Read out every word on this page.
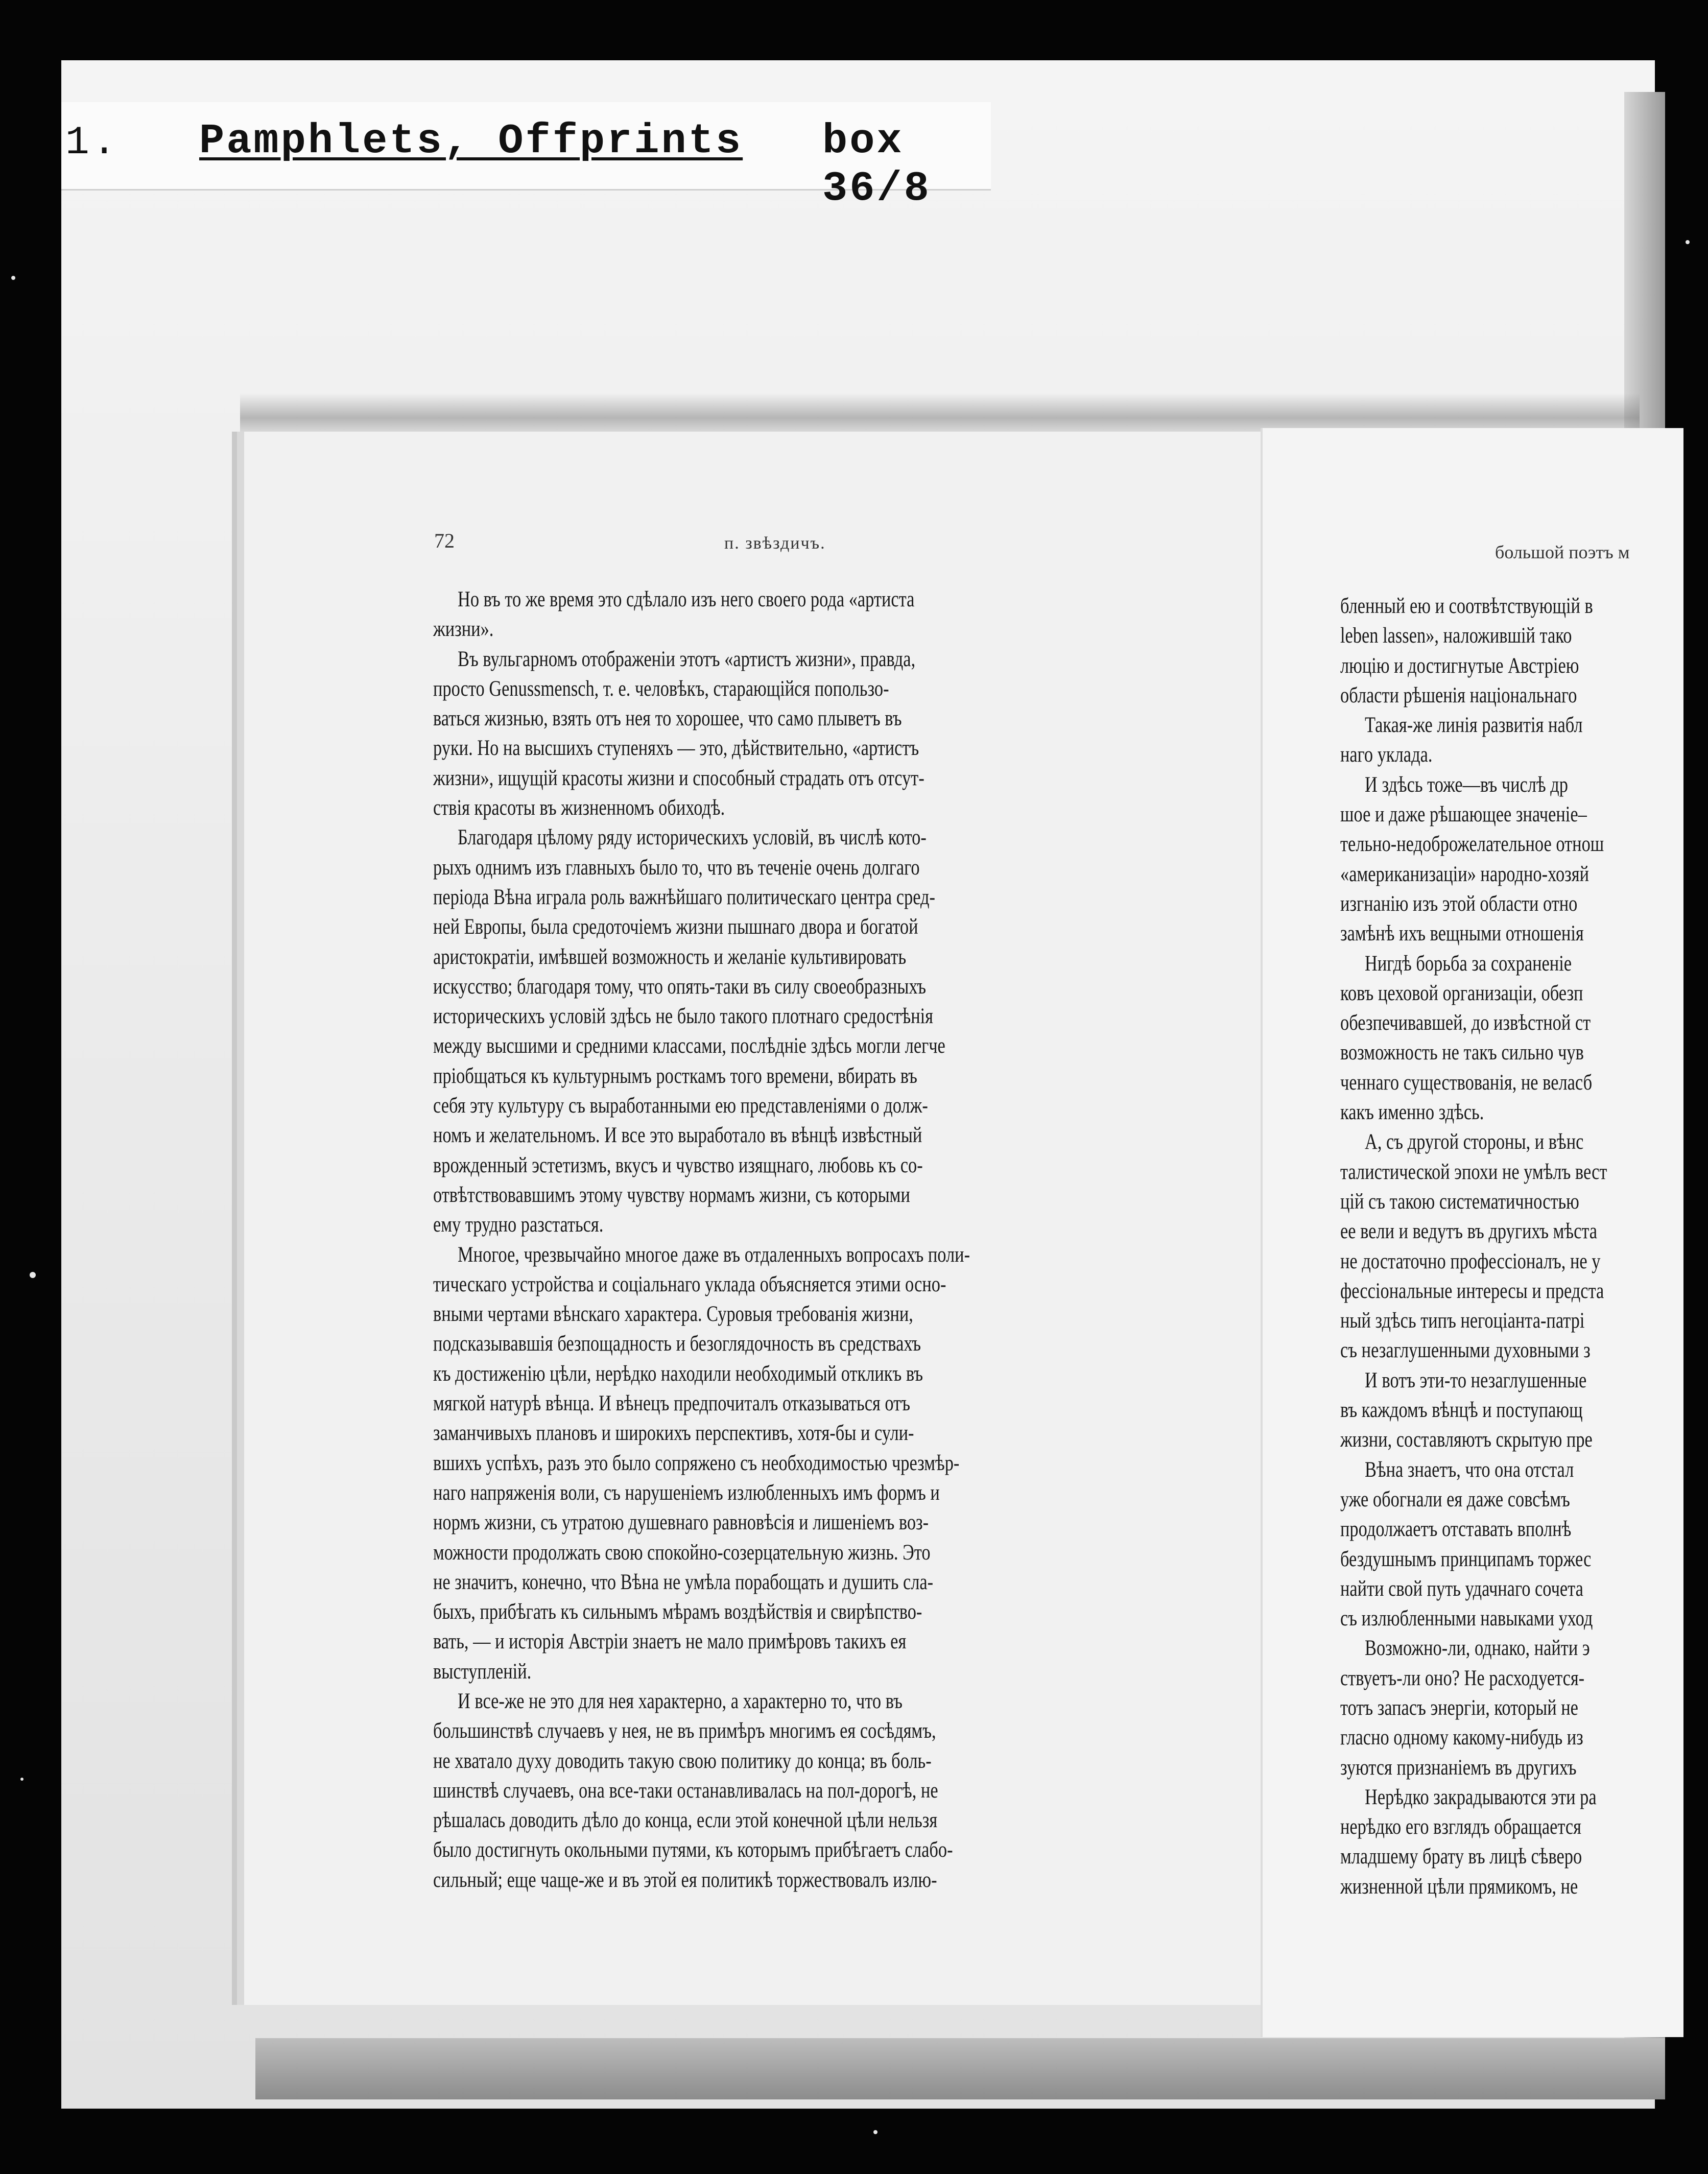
1. Pamphlets, Offprints box 36/8
72	п. звѣздичъ.
Но въ то же время это сдѣлало изъ него своего рода «артиста
жизни».
Въ вульгарномъ отображенiи этотъ «артистъ жизни», правда,
просто Genussmensch, т. е. человѣкъ, старающiйся попользо-
ваться жизнью, взять отъ нея то хорошее, что само плыветъ въ
руки. Но на высшихъ ступеняхъ — это, дѣйствительно, «артистъ
жизни», ищущiй красоты жизни и способный страдать отъ отсут-
ствiя красоты въ жизненномъ обиходѣ.
Благодаря цѣлому ряду историческихъ условiй, въ числѣ кото-
рыхъ однимъ изъ главныхъ было то, что въ теченiе очень долгаго
перiода Вѣна играла роль важнѣйшаго политическаго центра сред-
ней Европы, была средоточiемъ жизни пышнаго двора и богатой
аристократiи, имѣвшей возможность и желанiе культивировать
искусство; благодаря тому, что опять-таки въ силу своеобразныхъ
историческихъ условiй здѣсь не было такого плотнаго средостѣнiя
между высшими и средними классами, послѣднiе здѣсь могли легче
прiобщаться къ культурнымъ росткамъ того времени, вбирать въ
себя эту культуру съ выработанными ею представленiями о долж-
номъ и желательномъ. И все это выработало въ вѣнцѣ извѣстный
врожденный эстетизмъ, вкусъ и чувство изящнаго, любовь къ со-
отвѣтствовавшимъ этому чувству нормамъ жизни, съ которыми
ему трудно разстаться.
Многое, чрезвычайно многое даже въ отдаленныхъ вопросахъ поли-
тическаго устройства и соцiальнаго уклада объясняется этими осно-
вными чертами вѣнскаго характера. Суровыя требованiя жизни,
подсказывавшiя безпощадность и безоглядочность въ средствахъ
къ достиженiю цѣли, нерѣдко находили необходимый откликъ въ
мягкой натурѣ вѣнца. И вѣнецъ предпочиталъ отказываться отъ
заманчивыхъ плановъ и широкихъ перспективъ, хотя-бы и сули-
вшихъ успѣхъ, разъ это было сопряжено съ необходимостью чрезмѣр-
наго напряженiя воли, съ нарушенiемъ излюбленныхъ имъ формъ и
нормъ жизни, съ утратою душевнаго равновѣсiя и лишенiемъ воз-
можности продолжать свою спокойно-созерцательную жизнь. Это
не значитъ, конечно, что Вѣна не умѣла порабощать и душить сла-
быхъ, прибѣгать къ сильнымъ мѣрамъ воздѣйствiя и свирѣпство-
вать, — и исторiя Австрiи знаетъ не мало примѣровъ такихъ ея
выступленiй.
И все-же не это для нея характерно, а характерно то, что въ
большинствѣ случаевъ у нея, не въ примѣръ многимъ ея сосѣдямъ,
не хватало духу доводить такую свою политику до конца; въ боль-
шинствѣ случаевъ, она все-таки останавливалась на пол-дорогѣ, не
рѣшалась доводить дѣло до конца, если этой конечной цѣли нельзя
было достигнуть окольными путями, къ которымъ прибѣгаетъ слабо-
сильный; еще чаще-же и въ этой ея политикѣ торжествовалъ излю-
большой поэтъ м
бленный ею и соотвѣтствующiй в
leben lassen», наложившiй тако
люцiю и достигнутые Австрiею
области рѣшенiя нацiональнаго
Такая-же линiя развитiя набл
наго уклада.
И здѣсь тоже—въ числѣ др
шое и даже рѣшающее значенiе–
тельно-недоброжелательное отнош
«американизацiи» народно-хозяй
изгнанiю изъ этой области отно
замѣнѣ ихъ вещными отношенiя
Нигдѣ борьба за сохраненiе
ковъ цеховой организацiи, обезп
обезпечивавшей, до извѣстной ст
возможность не такъ сильно чув
ченнаго существованiя, не веласб
какъ именно здѣсь.
А, съ другой стороны, и вѣнс
талистической эпохи не умѣлъ вест
цiй съ такою систематичностью
ее вели и ведутъ въ другихъ мѣста
не достаточно профессiоналъ, не у
фессiональные интересы и предста
ный здѣсь типъ негоцiанта-патрi
съ незаглушенными духовными з
И вотъ эти-то незаглушенные
въ каждомъ вѣнцѣ и поступающ
жизни, составляютъ скрытую пре
Вѣна знаетъ, что она отстал
уже обогнали ея даже совсѣмъ
продолжаетъ отставать вполнѣ
бездушнымъ принципамъ торжес
найти свой путь удачнаго сочета
съ излюбленными навыками уход
Возможно-ли, однако, найти э
ствуетъ-ли оно? Не расходуется-
тотъ запасъ энергiи, который не
гласно одному какому-нибудь из
зуются признанiемъ въ другихъ
Нерѣдко закрадываются эти ра
нерѣдко его взглядъ обращается
младшему брату въ лицѣ сѣверо
жизненной цѣли прямикомъ, не
